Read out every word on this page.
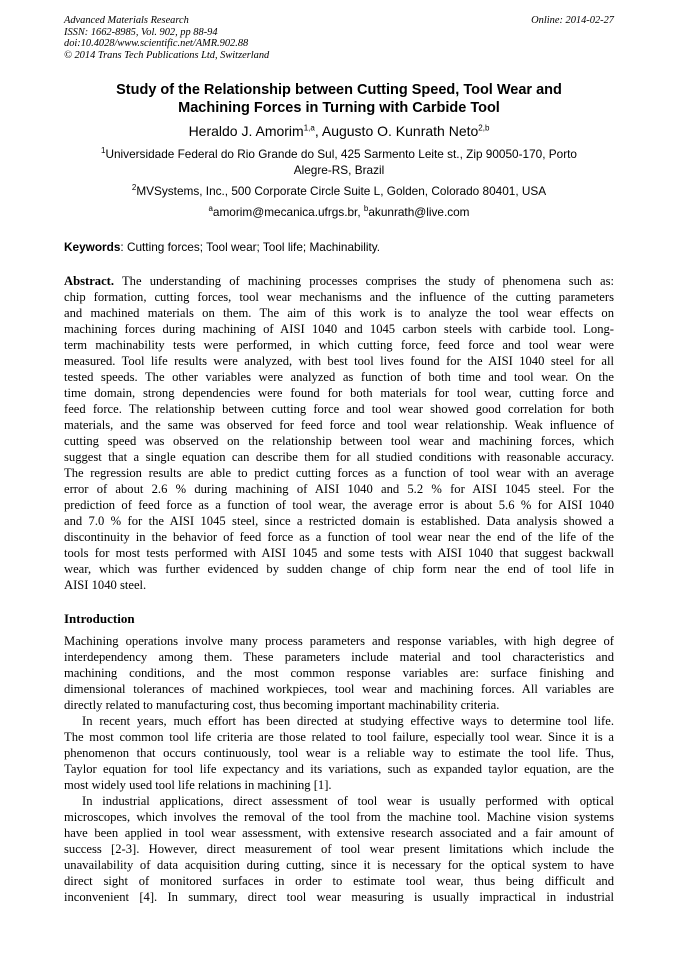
Advanced Materials Research
ISSN: 1662-8985, Vol. 902, pp 88-94
doi:10.4028/www.scientific.net/AMR.902.88
© 2014 Trans Tech Publications Ltd, Switzerland
Online: 2014-02-27
Study of the Relationship between Cutting Speed, Tool Wear and
Machining Forces in Turning with Carbide Tool
Heraldo J. Amorim$^{1,a}$, Augusto O. Kunrath Neto$^{2,b}$
$^1$Universidade Federal do Rio Grande do Sul, 425 Sarmento Leite st., Zip 90050-170, Porto
Alegre-RS, Brazil
$^2$MVSystems, Inc., 500 Corporate Circle Suite L, Golden, Colorado 80401, USA
$^a$amorim@mecanica.ufrgs.br, $^b$akunrath@live.com
Keywords: Cutting forces; Tool wear; Tool life; Machinability.
Abstract. The understanding of machining processes comprises the study of phenomena such as:
chip formation, cutting forces, tool wear mechanisms and the influence of the cutting parameters
and machined materials on them. The aim of this work is to analyze the tool wear effects on
machining forces during machining of AISI 1040 and 1045 carbon steels with carbide tool. Long-
term machinability tests were performed, in which cutting force, feed force and tool wear were
measured. Tool life results were analyzed, with best tool lives found for the AISI 1040 steel for all
tested speeds. The other variables were analyzed as function of both time and tool wear. On the
time domain, strong dependencies were found for both materials for tool wear, cutting force and
feed force. The relationship between cutting force and tool wear showed good correlation for both
materials, and the same was observed for feed force and tool wear relationship. Weak influence of
cutting speed was observed on the relationship between tool wear and machining forces, which
suggest that a single equation can describe them for all studied conditions with reasonable accuracy.
The regression results are able to predict cutting forces as a function of tool wear with an average
error of about 2.6 % during machining of AISI 1040 and 5.2 % for AISI 1045 steel. For the
prediction of feed force as a function of tool wear, the average error is about 5.6 % for AISI 1040
and 7.0 % for the AISI 1045 steel, since a restricted domain is established. Data analysis showed a
discontinuity in the behavior of feed force as a function of tool wear near the end of the life of the
tools for most tests performed with AISI 1045 and some tests with AISI 1040 that suggest backwall
wear, which was further evidenced by sudden change of chip form near the end of tool life in
AISI 1040 steel.
Introduction
Machining operations involve many process parameters and response variables, with high degree of
interdependency among them. These parameters include material and tool characteristics and
machining conditions, and the most common response variables are: surface finishing and
dimensional tolerances of machined workpieces, tool wear and machining forces. All variables are
directly related to manufacturing cost, thus becoming important machinability criteria.
In recent years, much effort has been directed at studying effective ways to determine tool life.
The most common tool life criteria are those related to tool failure, especially tool wear. Since it is a
phenomenon that occurs continuously, tool wear is a reliable way to estimate the tool life. Thus,
Taylor equation for tool life expectancy and its variations, such as expanded taylor equation, are the
most widely used tool life relations in machining [1].
In industrial applications, direct assessment of tool wear is usually performed with optical
microscopes, which involves the removal of the tool from the machine tool. Machine vision systems
have been applied in tool wear assessment, with extensive research associated and a fair amount of
success [2-3]. However, direct measurement of tool wear present limitations which include the
unavailability of data acquisition during cutting, since it is necessary for the optical system to have
direct sight of monitored surfaces in order to estimate tool wear, thus being difficult and
inconvenient [4]. In summary, direct tool wear measuring is usually impractical in industrial
